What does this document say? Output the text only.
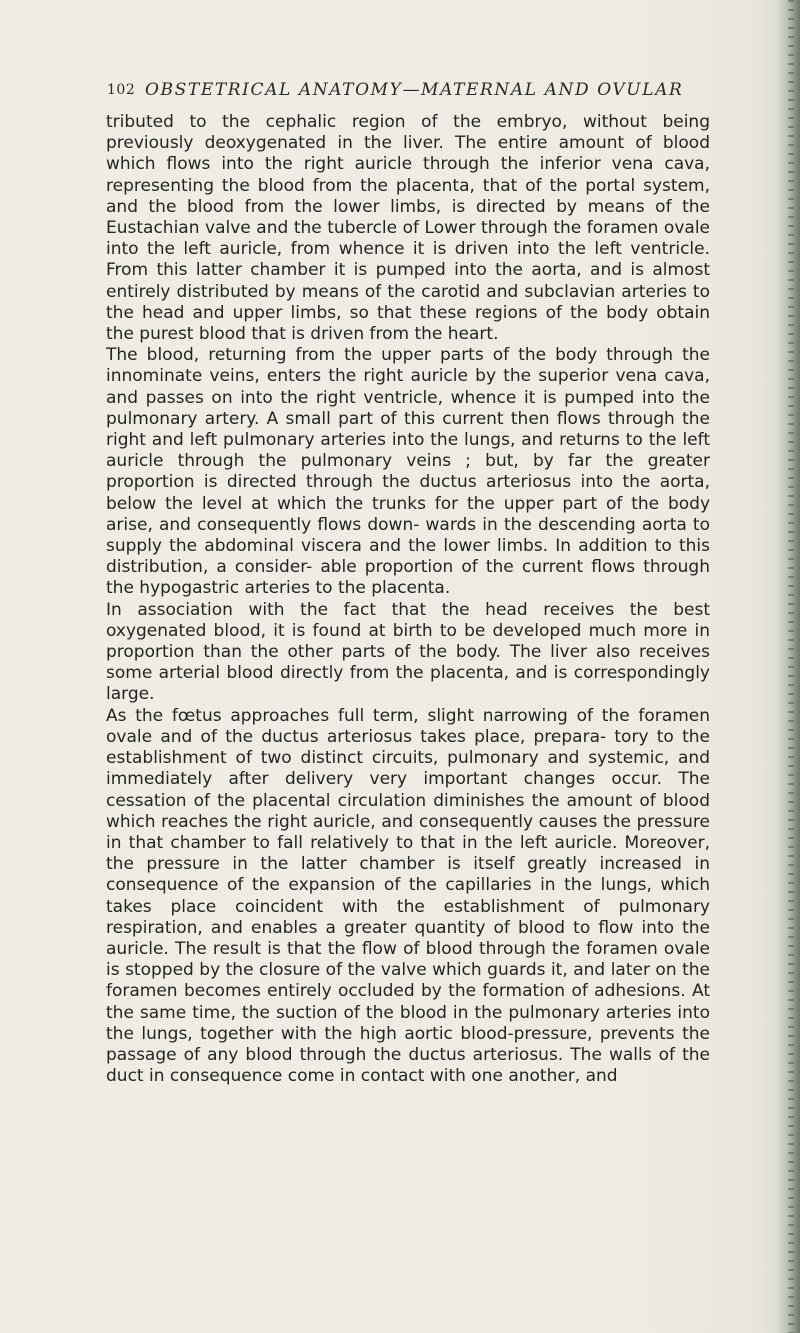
102 OBSTETRICAL ANATOMY—MATERNAL AND OVULAR

tributed to the cephalic region of the embryo, without being previously deoxygenated in the liver. The entire amount of blood which flows into the right auricle through the inferior vena cava, representing the blood from the placenta, that of the portal system, and the blood from the lower limbs, is directed by means of the Eustachian valve and the tubercle of Lower through the foramen ovale into the left auricle, from whence it is driven into the left ventricle. From this latter chamber it is pumped into the aorta, and is almost entirely distributed by means of the carotid and subclavian arteries to the head and upper limbs, so that these regions of the body obtain the purest blood that is driven from the heart.

The blood, returning from the upper parts of the body through the innominate veins, enters the right auricle by the superior vena cava, and passes on into the right ventricle, whence it is pumped into the pulmonary artery. A small part of this current then flows through the right and left pulmonary arteries into the lungs, and returns to the left auricle through the pulmonary veins ; but, by far the greater proportion is directed through the ductus arteriosus into the aorta, below the level at which the trunks for the upper part of the body arise, and consequently flows down- wards in the descending aorta to supply the abdominal viscera and the lower limbs. In addition to this distribution, a consider- able proportion of the current flows through the hypogastric arteries to the placenta.

In association with the fact that the head receives the best oxygenated blood, it is found at birth to be developed much more in proportion than the other parts of the body. The liver also receives some arterial blood directly from the placenta, and is correspondingly large.

As the fœtus approaches full term, slight narrowing of the foramen ovale and of the ductus arteriosus takes place, prepara- tory to the establishment of two distinct circuits, pulmonary and systemic, and immediately after delivery very important changes occur. The cessation of the placental circulation diminishes the amount of blood which reaches the right auricle, and consequently causes the pressure in that chamber to fall relatively to that in the left auricle. Moreover, the pressure in the latter chamber is itself greatly increased in consequence of the expansion of the capillaries in the lungs, which takes place coincident with the establishment of pulmonary respiration, and enables a greater quantity of blood to flow into the auricle. The result is that the flow of blood through the foramen ovale is stopped by the closure of the valve which guards it, and later on the foramen becomes entirely occluded by the formation of adhesions. At the same time, the suction of the blood in the pulmonary arteries into the lungs, together with the high aortic blood-pressure, prevents the passage of any blood through the ductus arteriosus. The walls of the duct in consequence come in contact with one another, and
